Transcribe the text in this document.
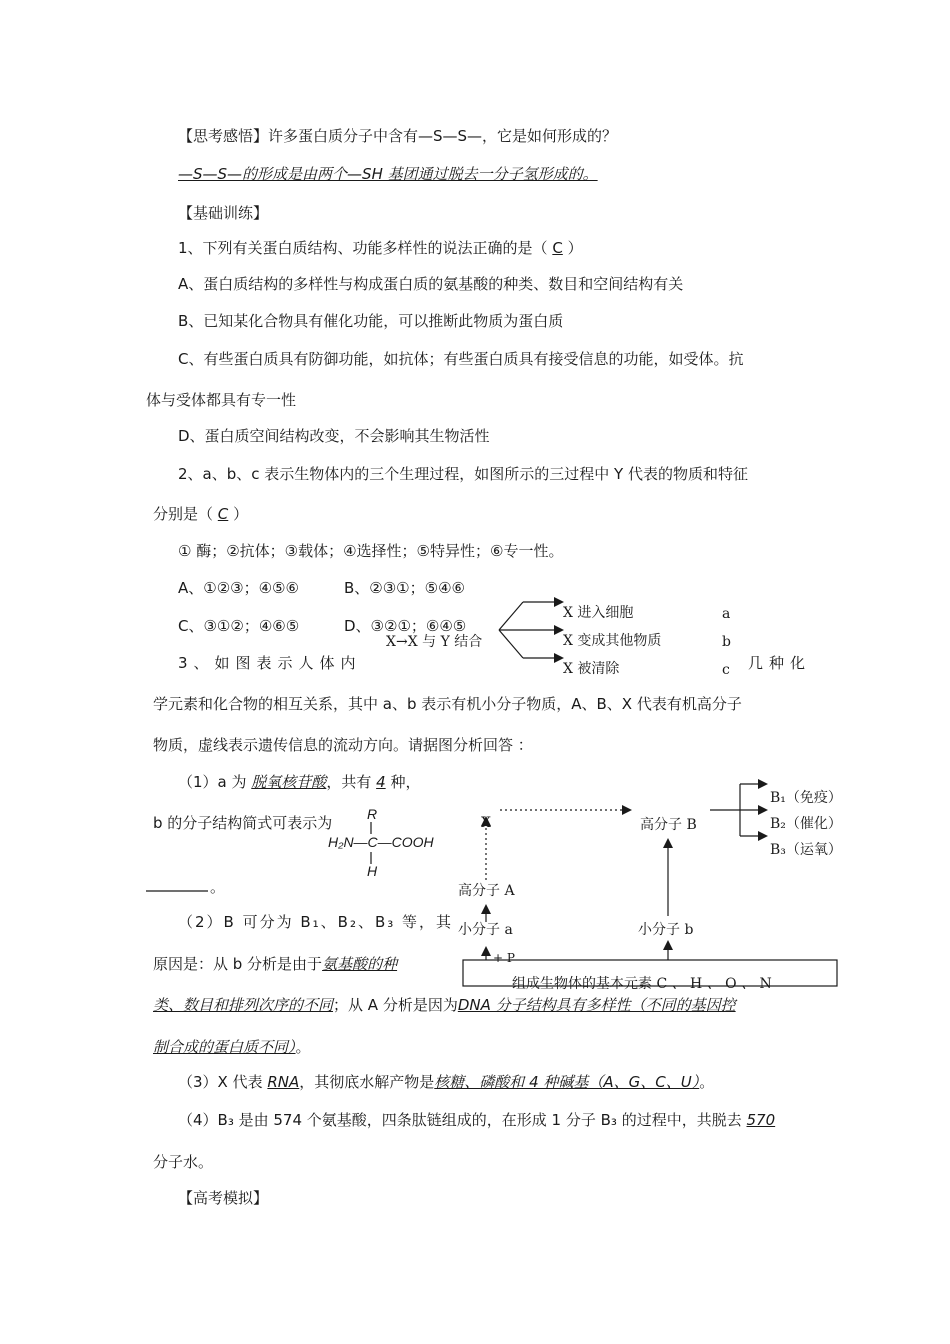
【思考感悟】许多蛋白质分子中含有—S—S—，它是如何形成的？
—S—S—的形成是由两个—SH 基团通过脱去一分子氢形成的。
【基础训练】
1、下列有关蛋白质结构、功能多样性的说法正确的是（ C ）
A、蛋白质结构的多样性与构成蛋白质的氨基酸的种类、数目和空间结构有关
B、已知某化合物具有催化功能，可以推断此物质为蛋白质
C、有些蛋白质具有防御功能，如抗体；有些蛋白质具有接受信息的功能，如受体。抗
体与受体都具有专一性
D、蛋白质空间结构改变，不会影响其生物活性
2、a、b、c 表示生物体内的三个生理过程，如图所示的三过程中 Y 代表的物质和特征
分别是（ C ）
① 酶；②抗体；③载体；④选择性；⑤特异性；⑥专一性。
A、①②③；④⑤⑥	B、②③①；⑤④⑥
C、③①②；④⑥⑤	D、③②①；⑥④⑤
X→X 与 Y 结合
X 进入细胞
X 变成其他物质
X 被清除
a
b
c
3、如图表示人体内	几种化
学元素和化合物的相互关系，其中 a、b 表示有机小分子物质，A、B、X 代表有机高分子
物质，虚线表示遗传信息的流动方向。请据图分析回答 ：
（1）a 为 脱氧核苷酸，共有 4 种，
b 的分子结构简式可表示为 R
H₂N—C—COOH
H
。
（2）B 可分为 B₁、B₂、B₃ 等，其
原因是：从 b 分析是由于氨基酸的种
类、数目和排列次序的不同；从 A 分析是因为DNA 分子结构具有多样性（不同的基因控
制合成的蛋白质不同）。
（3）X 代表 RNA，其彻底水解产物是核糖、磷酸和 4 种碱基（A、G、C、U）。
（4）B₃ 是由 574 个氨基酸，四条肽链组成的，在形成 1 分子 B₃ 的过程中，共脱去 570
分子水。
【高考模拟】
X	高分子 B
B₁（免疫）
B₂（催化）
B₃（运氧）
高分子 A
小分子 a	小分子 b
+ P
组成生物体的基本元素 C 、 H 、 O 、 N
